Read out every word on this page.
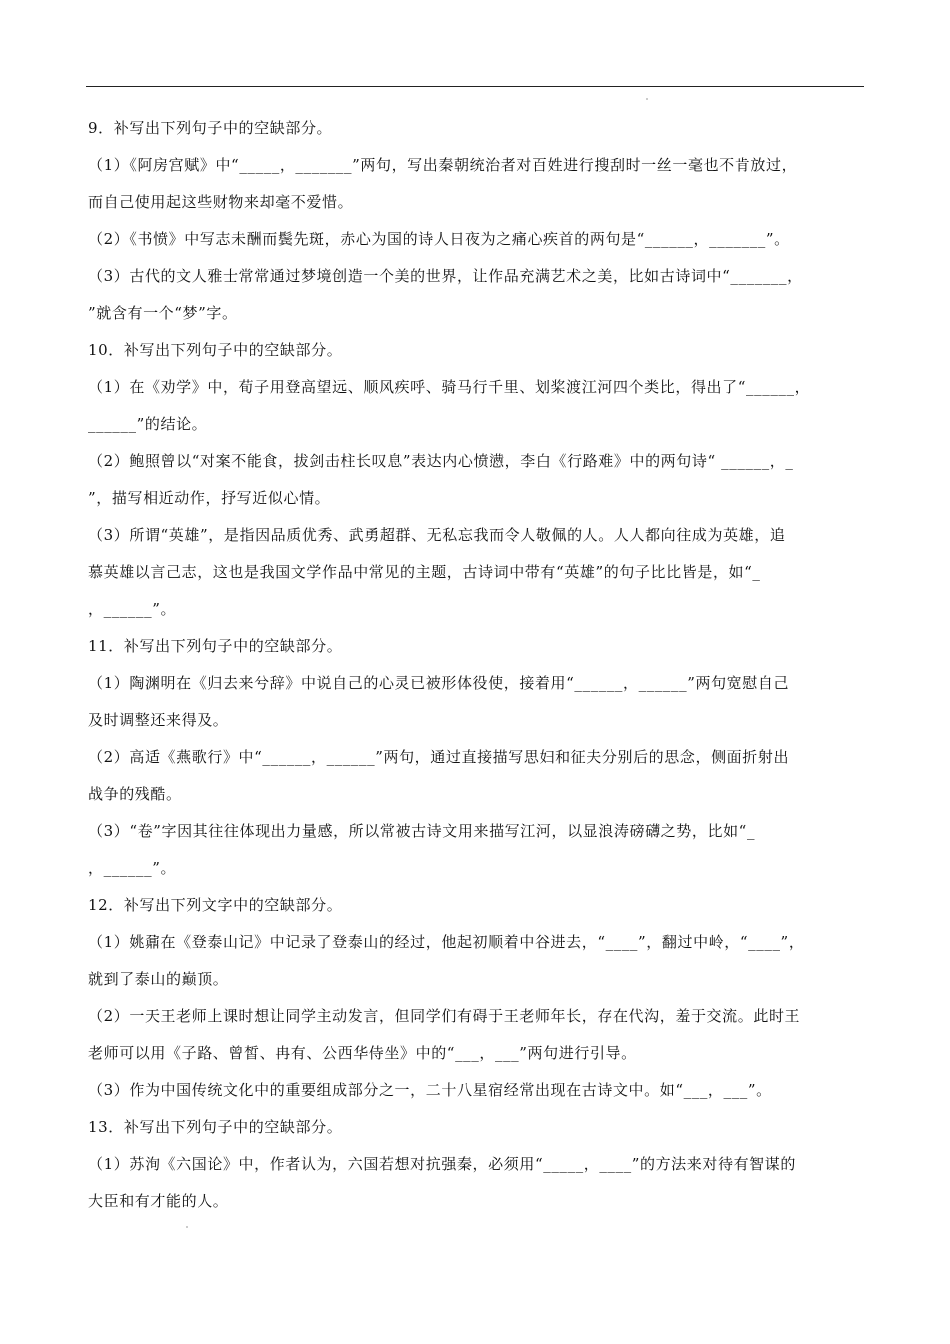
9．补写出下列句子中的空缺部分。
（1）《阿房宫赋》中“_____，_______”两句，写出秦朝统治者对百姓进行搜刮时一丝一毫也不肯放过，
而自己使用起这些财物来却毫不爱惜。
（2）《书愤》中写志未酬而鬓先斑，赤心为国的诗人日夜为之痛心疾首的两句是“______，_______”。
（3）古代的文人雅士常常通过梦境创造一个美的世界，让作品充满艺术之美，比如古诗词中“_______，
”就含有一个“梦”字。
10．补写出下列句子中的空缺部分。
（1）在《劝学》中，荀子用登高望远、顺风疾呼、骑马行千里、划桨渡江河四个类比，得出了“______，
______”的结论。
（2）鲍照曾以“对案不能食，拔剑击柱长叹息”表达内心愤懑，李白《行路难》中的两句诗“ ______，_
”，描写相近动作，抒写近似心情。
（3）所谓“英雄”，是指因品质优秀、武勇超群、无私忘我而令人敬佩的人。人人都向往成为英雄，追
慕英雄以言己志，这也是我国文学作品中常见的主题，古诗词中带有“英雄”的句子比比皆是，如“_
，______”。
11．补写出下列句子中的空缺部分。
（1）陶渊明在《归去来兮辞》中说自己的心灵已被形体役使，接着用“______，______”两句宽慰自己
及时调整还来得及。
（2）高适《燕歌行》中“______，______”两句，通过直接描写思妇和征夫分别后的思念，侧面折射出
战争的残酷。
（3）“卷”字因其往往体现出力量感，所以常被古诗文用来描写江河，以显浪涛磅礴之势，比如“_
，______”。
12．补写出下列文字中的空缺部分。
（1）姚鼐在《登泰山记》中记录了登泰山的经过，他起初顺着中谷进去，“____”，翻过中岭，“____”，
就到了泰山的巅顶。
（2）一天王老师上课时想让同学主动发言，但同学们有碍于王老师年长，存在代沟，羞于交流。此时王
老师可以用《子路、曾皙、冉有、公西华侍坐》中的“___，___”两句进行引导。
（3）作为中国传统文化中的重要组成部分之一，二十八星宿经常出现在古诗文中。如“___，___”。
13．补写出下列句子中的空缺部分。
（1）苏洵《六国论》中，作者认为，六国若想对抗强秦，必须用“_____，____”的方法来对待有智谋的
大臣和有才能的人。
